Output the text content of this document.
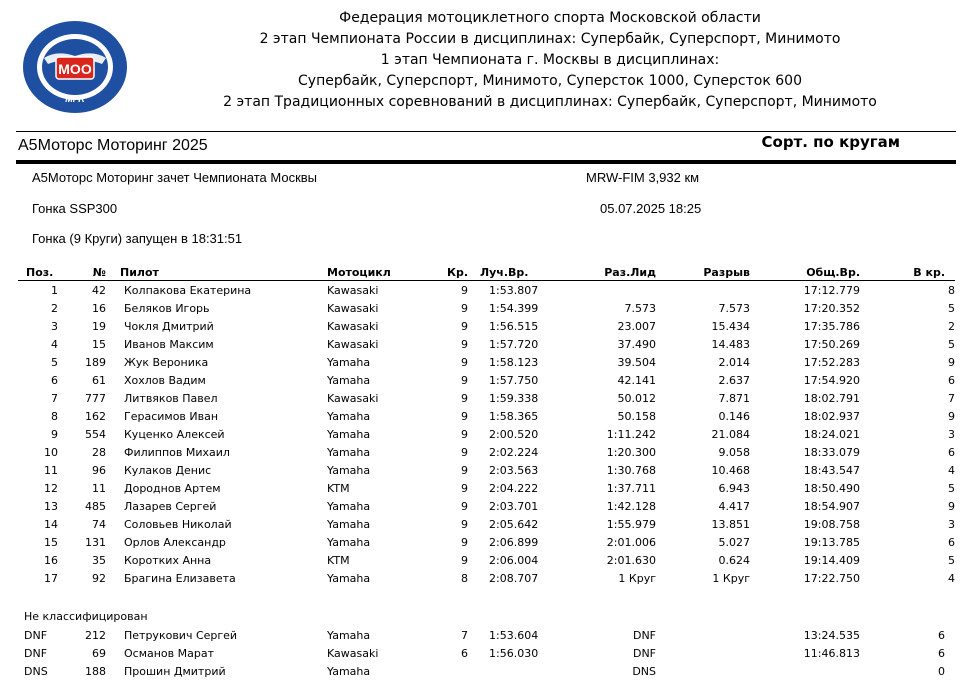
МОО
MFR
Федерация мотоциклетного спорта Московской области
2 этап Чемпионата России в дисциплинах: Супербайк, Суперспорт, Минимото
1 этап Чемпионата г. Москвы в дисциплинах:
Супербайк, Суперспорт, Минимото, Суперсток 1000, Суперсток 600
2 этап Традиционных соревнований в дисциплинах: Супербайк, Суперспорт, Минимото
А5Моторс Моторинг 2025	Сорт. по кругам
А5Моторс Моторинг зачет Чемпионата Москвы	MRW-FIM 3,932 км
Гонка SSP300	05.07.2025 18:25
Гонка (9 Круги) запущен в 18:31:51
Поз.	№	Пилот	Мотоцикл	Кр.	Луч.Вр.	Раз.Лид	Разрыв	Общ.Вр.	В кр.
1	42	Колпакова Екатерина	Kawasaki	9	1:53.807			17:12.779	8
2	16	Беляков Игорь	Kawasaki	9	1:54.399	7.573	7.573	17:20.352	5
3	19	Чокля Дмитрий	Kawasaki	9	1:56.515	23.007	15.434	17:35.786	2
4	15	Иванов Максим	Kawasaki	9	1:57.720	37.490	14.483	17:50.269	5
5	189	Жук Вероника	Yamaha	9	1:58.123	39.504	2.014	17:52.283	9
6	61	Хохлов Вадим	Yamaha	9	1:57.750	42.141	2.637	17:54.920	6
7	777	Литвяков Павел	Kawasaki	9	1:59.338	50.012	7.871	18:02.791	7
8	162	Герасимов Иван	Yamaha	9	1:58.365	50.158	0.146	18:02.937	9
9	554	Куценко Алексей	Yamaha	9	2:00.520	1:11.242	21.084	18:24.021	3
10	28	Филиппов Михаил	Yamaha	9	2:02.224	1:20.300	9.058	18:33.079	6
11	96	Кулаков Денис	Yamaha	9	2:03.563	1:30.768	10.468	18:43.547	4
12	11	Дороднов Артем	KTM	9	2:04.222	1:37.711	6.943	18:50.490	5
13	485	Лазарев Сергей	Yamaha	9	2:03.701	1:42.128	4.417	18:54.907	9
14	74	Соловьев Николай	Yamaha	9	2:05.642	1:55.979	13.851	19:08.758	3
15	131	Орлов Александр	Yamaha	9	2:06.899	2:01.006	5.027	19:13.785	6
16	35	Коротких Анна	KTM	9	2:06.004	2:01.630	0.624	19:14.409	5
17	92	Брагина Елизавета	Yamaha	8	2:08.707	1 Круг	1 Круг	17:22.750	4
Не классифицирован
DNF	212	Петрукович Сергей	Yamaha	7	1:53.604	DNF		13:24.535	6
DNF	69	Османов Марат	Kawasaki	6	1:56.030	DNF		11:46.813	6
DNS	188	Прошин Дмитрий	Yamaha			DNS			0
